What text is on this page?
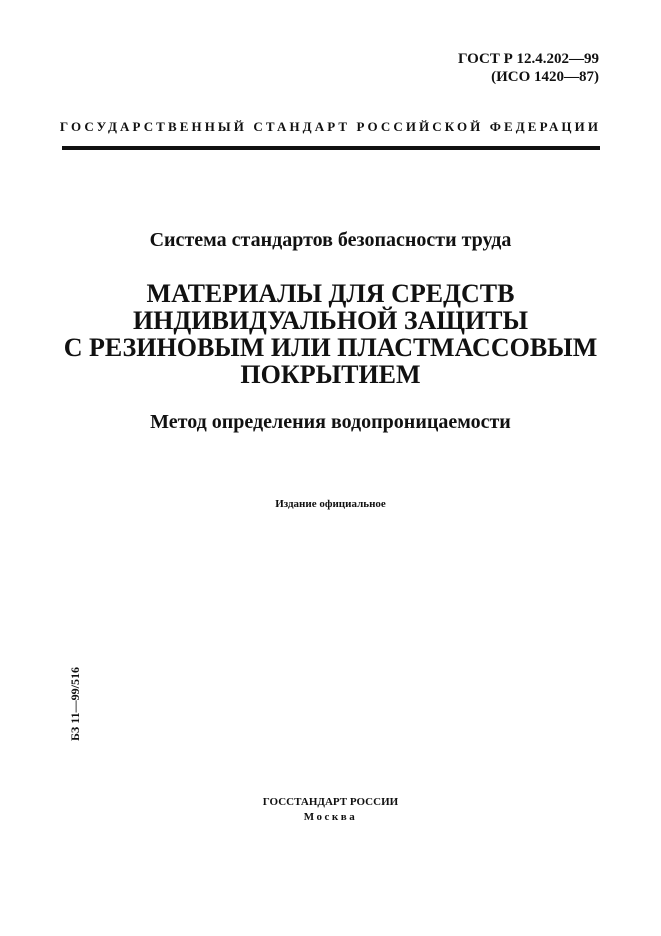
ГОСТ Р 12.4.202—99
(ИСО 1420—87)
ГОСУДАРСТВЕННЫЙ СТАНДАРТ РОССИЙСКОЙ ФЕДЕРАЦИИ
Система стандартов безопасности труда
МАТЕРИАЛЫ ДЛЯ СРЕДСТВ
ИНДИВИДУАЛЬНОЙ ЗАЩИТЫ
С РЕЗИНОВЫМ ИЛИ ПЛАСТМАССОВЫМ
ПОКРЫТИЕМ
Метод определения водопроницаемости
Издание официальное
БЗ 11—99/516
ГОССТАНДАРТ РОССИИ
Москва
